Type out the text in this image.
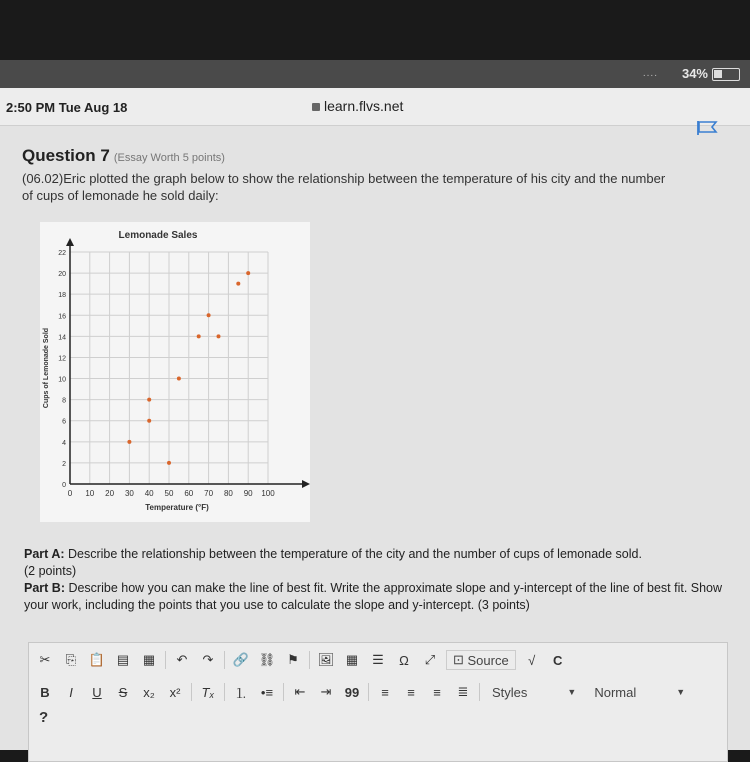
.... 34%
2:50 PM Tue Aug 18	learn.flvs.net
Question 7 (Essay Worth 5 points)

(06.02)Eric plotted the graph below to show the relationship between the temperature of his city and the number

of cups of lemonade he sold daily:

Lemonade Sales
0 10 20 30 40 50 60 70 80 90 100
0
2
4
6
8
10
12
14
16
18
20
22
Temperature (°F)
Cups of Lemonade Sold
Part A: Describe the relationship between the temperature of the city and the number of cups of lemonade sold.
(2 points)
Part B: Describe how you can make the line of best fit. Write the approximate slope and y-intercept of the line of best fit. Show your work, including the points that you use to calculate the slope and y-intercept. (3 points)
✂	⎘ 📋 ▤ ▦	↶	↷	🔗 ⛓ ⚑	🖼 ▦	☰	Ω	⤢	⊡ Source	√	C
B	I	U	S	x₂	x²	Tₓ ⒈	•≡	⇤	⇥	99	≡	≡	≡	≣	Styles	▼ Normal	▼
?
